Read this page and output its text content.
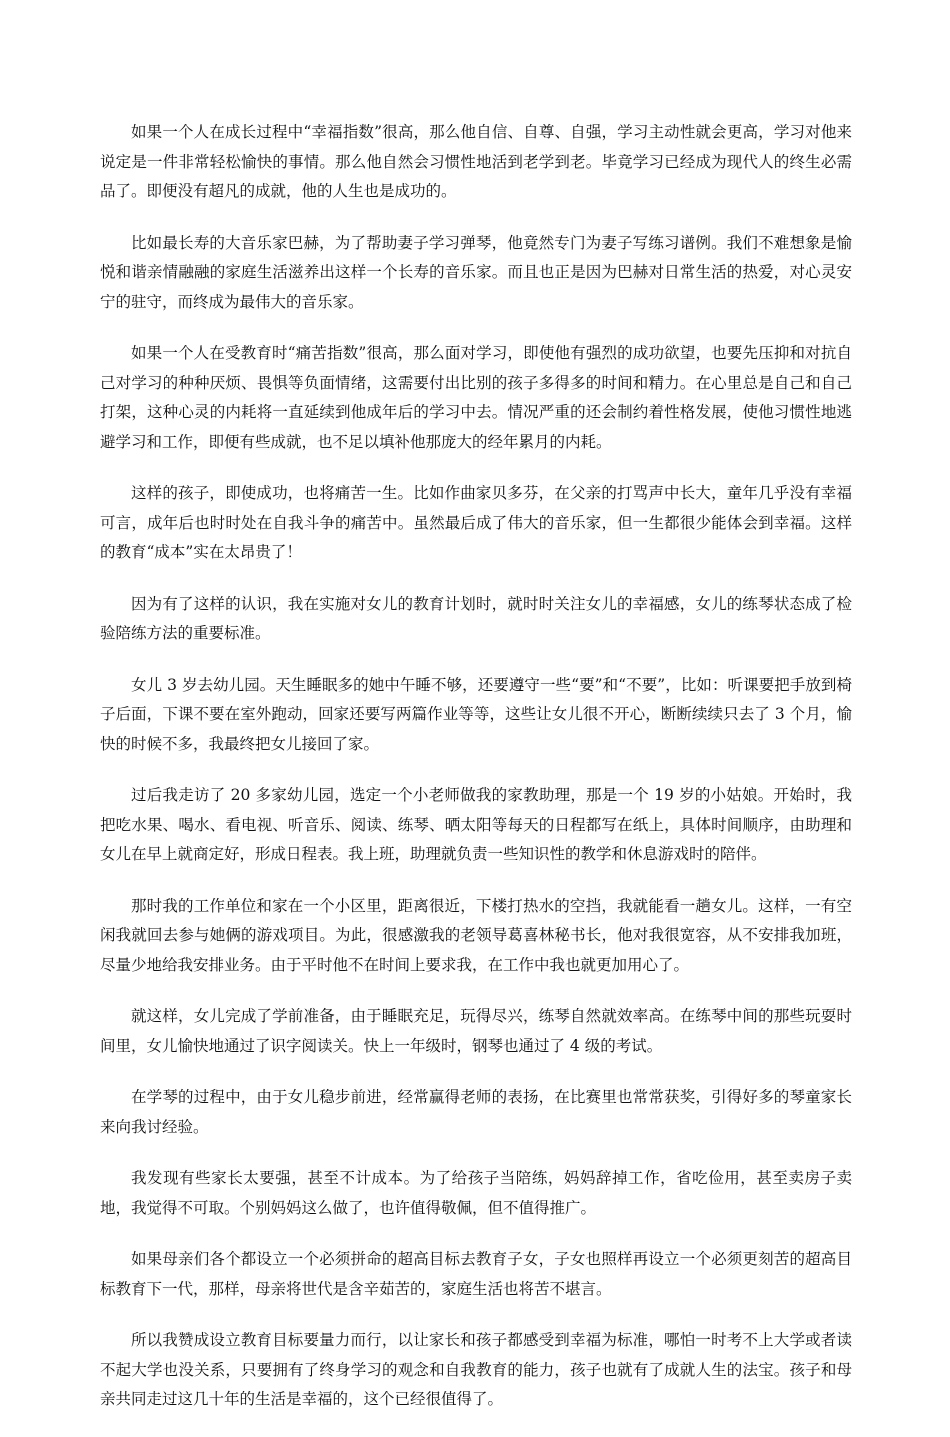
如果一个人在成长过程中“幸福指数”很高，那么他自信、自尊、自强，学习主动性就会更高，学习对他来说定是一件非常轻松愉快的事情。那么他自然会习惯性地活到老学到老。毕竟学习已经成为现代人的终生必需品了。即便没有超凡的成就，他的人生也是成功的。

比如最长寿的大音乐家巴赫，为了帮助妻子学习弹琴，他竟然专门为妻子写练习谱例。我们不难想象是愉悦和谐亲情融融的家庭生活滋养出这样一个长寿的音乐家。而且也正是因为巴赫对日常生活的热爱，对心灵安宁的驻守，而终成为最伟大的音乐家。

如果一个人在受教育时“痛苦指数”很高，那么面对学习，即使他有强烈的成功欲望，也要先压抑和对抗自己对学习的种种厌烦、畏惧等负面情绪，这需要付出比别的孩子多得多的时间和精力。在心里总是自己和自己打架，这种心灵的内耗将一直延续到他成年后的学习中去。情况严重的还会制约着性格发展，使他习惯性地逃避学习和工作，即便有些成就，也不足以填补他那庞大的经年累月的内耗。

这样的孩子，即使成功，也将痛苦一生。比如作曲家贝多芬，在父亲的打骂声中长大，童年几乎没有幸福可言，成年后也时时处在自我斗争的痛苦中。虽然最后成了伟大的音乐家，但一生都很少能体会到幸福。这样的教育“成本”实在太昂贵了！

因为有了这样的认识，我在实施对女儿的教育计划时，就时时关注女儿的幸福感，女儿的练琴状态成了检验陪练方法的重要标准。

女儿 3 岁去幼儿园。天生睡眠多的她中午睡不够，还要遵守一些“要”和“不要”，比如：听课要把手放到椅子后面，下课不要在室外跑动，回家还要写两篇作业等等，这些让女儿很不开心，断断续续只去了 3 个月，愉快的时候不多，我最终把女儿接回了家。

过后我走访了 20 多家幼儿园，选定一个小老师做我的家教助理，那是一个 19 岁的小姑娘。开始时，我把吃水果、喝水、看电视、听音乐、阅读、练琴、晒太阳等每天的日程都写在纸上，具体时间顺序，由助理和女儿在早上就商定好，形成日程表。我上班，助理就负责一些知识性的教学和休息游戏时的陪伴。

那时我的工作单位和家在一个小区里，距离很近，下楼打热水的空挡，我就能看一趟女儿。这样，一有空闲我就回去参与她俩的游戏项目。为此，很感激我的老领导葛喜林秘书长，他对我很宽容，从不安排我加班，尽量少地给我安排业务。由于平时他不在时间上要求我，在工作中我也就更加用心了。

就这样，女儿完成了学前准备，由于睡眠充足，玩得尽兴，练琴自然就效率高。在练琴中间的那些玩耍时间里，女儿愉快地通过了识字阅读关。快上一年级时，钢琴也通过了 4 级的考试。

在学琴的过程中，由于女儿稳步前进，经常赢得老师的表扬，在比赛里也常常获奖，引得好多的琴童家长来向我讨经验。

我发现有些家长太要强，甚至不计成本。为了给孩子当陪练，妈妈辞掉工作，省吃俭用，甚至卖房子卖地，我觉得不可取。个别妈妈这么做了，也许值得敬佩，但不值得推广。

如果母亲们各个都设立一个必须拼命的超高目标去教育子女，子女也照样再设立一个必须更刻苦的超高目标教育下一代，那样，母亲将世代是含辛茹苦的，家庭生活也将苦不堪言。

所以我赞成设立教育目标要量力而行，以让家长和孩子都感受到幸福为标准，哪怕一时考不上大学或者读不起大学也没关系，只要拥有了终身学习的观念和自我教育的能力，孩子也就有了成就人生的法宝。孩子和母亲共同走过这几十年的生活是幸福的，这个已经很值得了。
